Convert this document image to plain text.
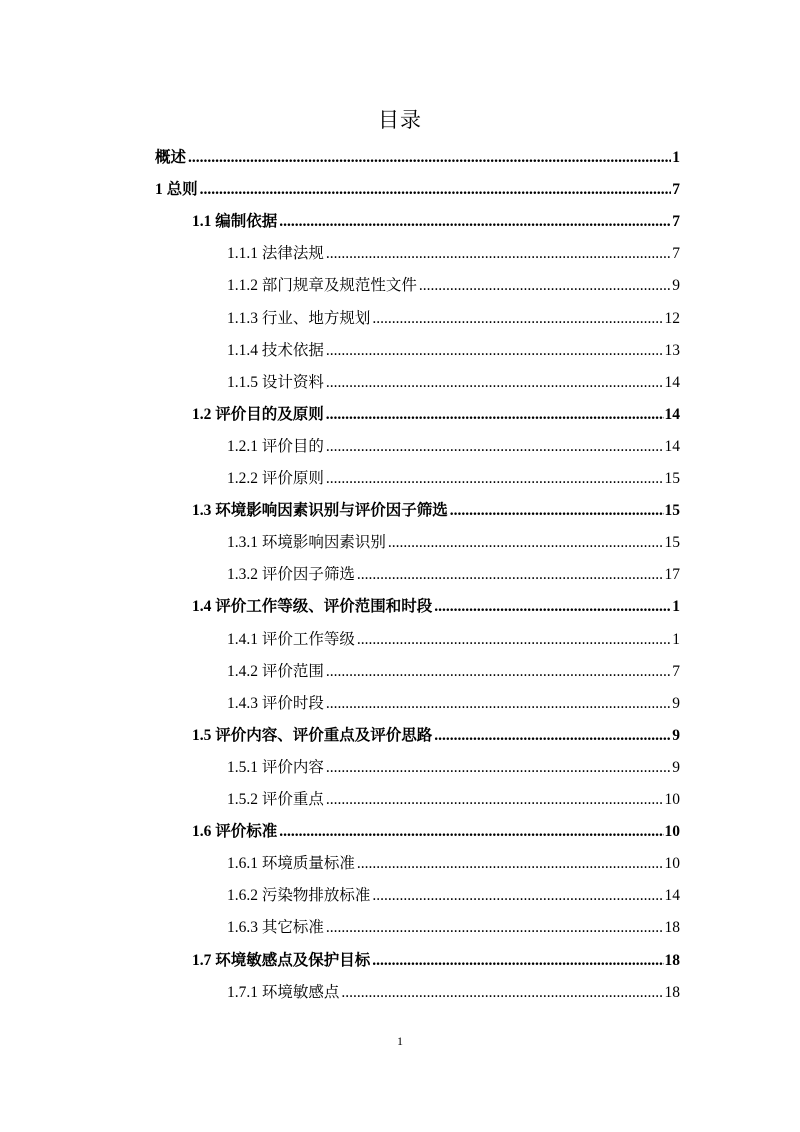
目录
概述 .....	1
1 总则 .....	7
1.1 编制依据 .....	7
1.1.1 法律法规 .....	7
1.1.2 部门规章及规范性文件 .....	9
1.1.3 行业、地方规划 .....	12
1.1.4 技术依据 .....	13
1.1.5 设计资料 .....	14
1.2 评价目的及原则 .....	14
1.2.1 评价目的 .....	14
1.2.2 评价原则 .....	15
1.3 环境影响因素识别与评价因子筛选 .....	15
1.3.1 环境影响因素识别 .....	15
1.3.2 评价因子筛选 .....	17
1.4 评价工作等级、评价范围和时段 .....	1
1.4.1 评价工作等级 .....	1
1.4.2 评价范围 .....	7
1.4.3 评价时段 .....	9
1.5 评价内容、评价重点及评价思路 .....	9
1.5.1 评价内容 .....	9
1.5.2 评价重点 .....	10
1.6 评价标准 .....	10
1.6.1 环境质量标准 .....	10
1.6.2 污染物排放标准 .....	14
1.6.3 其它标准 .....	18
1.7 环境敏感点及保护目标 .....	18
1.7.1 环境敏感点 .....	18
1
